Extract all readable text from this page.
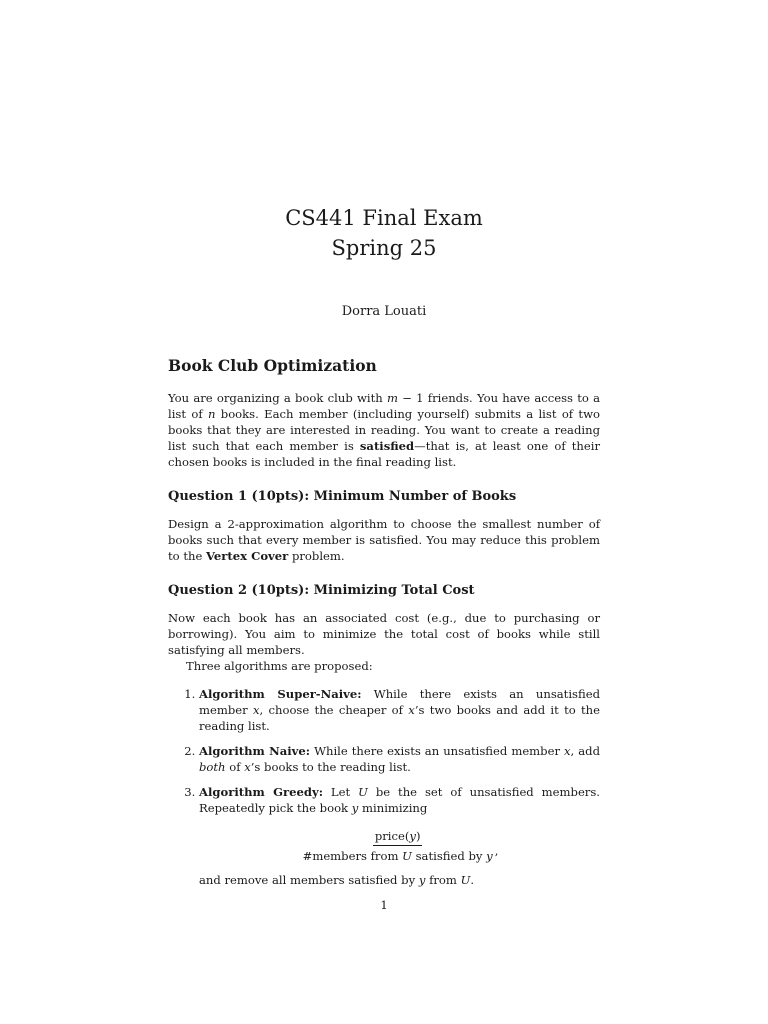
CS441 Final Exam
Spring 25
Dorra Louati
Book Club Optimization

You are organizing a book club with m − 1 friends. You have access to a list of n books. Each member (including yourself) submits a list of two books that they are interested in reading. You want to create a reading list such that each member is satisfied—that is, at least one of their chosen books is included in the final reading list.

Question 1 (10pts): Minimum Number of Books

Design a 2-approximation algorithm to choose the smallest number of books such that every member is satisfied. You may reduce this problem to the Vertex Cover problem.

Question 2 (10pts): Minimizing Total Cost

Now each book has an associated cost (e.g., due to purchasing or borrowing). You aim to minimize the total cost of books while still satisfying all members.

Three algorithms are proposed:

1. Algorithm Super-Naive: While there exists an unsatisfied member x, choose the cheaper of x’s two books and add it to the reading list.
2. Algorithm Naive: While there exists an unsatisfied member x, add both of x’s books to the reading list.
3. Algorithm Greedy: Let U be the set of unsatisfied members. Repeatedly pick the book y minimizing
$\frac{\text{price(y)}}{\text{\#members from U satisfied by y}}$ ,
and remove all members satisfied by y from U.
1
